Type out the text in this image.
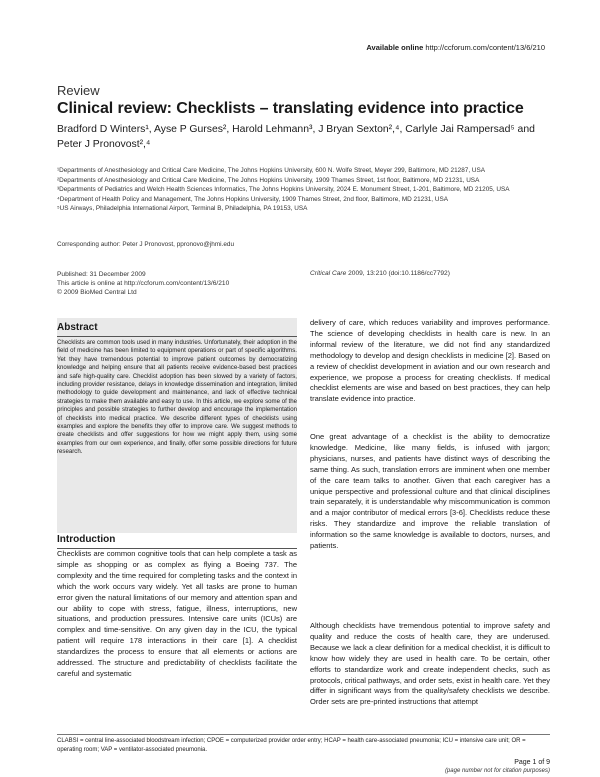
Available online http://ccforum.com/content/13/6/210
Review
Clinical review: Checklists – translating evidence into practice
Bradford D Winters¹, Ayse P Gurses², Harold Lehmann³, J Bryan Sexton²,⁴, Carlyle Jai Rampersad⁵ and Peter J Pronovost²,⁴
¹Departments of Anesthesiology and Critical Care Medicine, The Johns Hopkins University, 600 N. Wolfe Street, Meyer 299, Baltimore, MD 21287, USA
²Departments of Anesthesiology and Critical Care Medicine, The Johns Hopkins University, 1909 Thames Street, 1st floor, Baltimore, MD 21231, USA
³Departments of Pediatrics and Welch Health Sciences Informatics, The Johns Hopkins University, 2024 E. Monument Street, 1-201, Baltimore, MD 21205, USA
⁴Department of Health Policy and Management, The Johns Hopkins University, 1909 Thames Street, 2nd floor, Baltimore, MD 21231, USA
⁵US Airways, Philadelphia International Airport, Terminal B, Philadelphia, PA 19153, USA
Corresponding author: Peter J Pronovost, ppronovo@jhmi.edu
Published: 31 December 2009
This article is online at http://ccforum.com/content/13/6/210
© 2009 BioMed Central Ltd
Critical Care 2009, 13:210 (doi:10.1186/cc7792)
Abstract

Checklists are common tools used in many industries. Unfortunately, their adoption in the field of medicine has been limited to equipment operations or part of specific algorithms. Yet they have tremendous potential to improve patient outcomes by democratizing knowledge and helping ensure that all patients receive evidence-based best practices and safe high-quality care. Checklist adoption has been slowed by a variety of factors, including provider resistance, delays in knowledge dissemination and integration, limited methodology to guide development and maintenance, and lack of effective technical strategies to make them available and easy to use. In this article, we explore some of the principles and possible strategies to further develop and encourage the implementation of checklists into medical practice. We describe different types of checklists using examples and explore the benefits they offer to improve care. We suggest methods to create checklists and offer suggestions for how we might apply them, using some examples from our own experience, and finally, offer some possible directions for future research.

Introduction

Checklists are common cognitive tools that can help complete a task as simple as shopping or as complex as flying a Boeing 737. The complexity and the time required for completing tasks and the context in which the work occurs vary widely. Yet all tasks are prone to human error given the natural limitations of our memory and attention span and our ability to cope with stress, fatigue, illness, interruptions, new situations, and production pressures. Intensive care units (ICUs) are complex and time-sensitive. On any given day in the ICU, the typical patient will require 178 interactions in their care [1]. A checklist standardizes the process to ensure that all elements or actions are addressed. The structure and predictability of checklists facilitate the careful and systematic

delivery of care, which reduces variability and improves performance. The science of developing checklists in health care is new. In an informal review of the literature, we did not find any standardized methodology to develop and design checklists in medicine [2]. Based on a review of checklist development in aviation and our own research and experience, we propose a process for creating checklists. If medical checklist elements are wise and based on best practices, they can help translate evidence into practice.

One great advantage of a checklist is the ability to democratize knowledge. Medicine, like many fields, is infused with jargon; physicians, nurses, and patients have distinct ways of describing the same thing. As such, translation errors are imminent when one member of the care team talks to another. Given that each caregiver has a unique perspective and professional culture and that clinical disciplines train separately, it is understandable why miscommunication is common and a major contributor of medical errors [3-6]. Checklists reduce these risks. They standardize and improve the reliable translation of information so the same knowledge is available to doctors, nurses, and patients.

Although checklists have tremendous potential to improve safety and quality and reduce the costs of health care, they are underused. Because we lack a clear definition for a medical checklist, it is difficult to know how widely they are used in health care. To be certain, other efforts to standardize work and create independent checks, such as protocols, critical pathways, and order sets, exist in health care. Yet they differ in significant ways from the quality/safety checklists we describe. Order sets are pre-printed instructions that attempt

CLABSI = central line-associated bloodstream infection; CPOE = computerized provider order entry; HCAP = health care-associated pneumonia; ICU = intensive care unit; OR = operating room; VAP = ventilator-associated pneumonia.
Page 1 of 9
(page number not for citation purposes)
